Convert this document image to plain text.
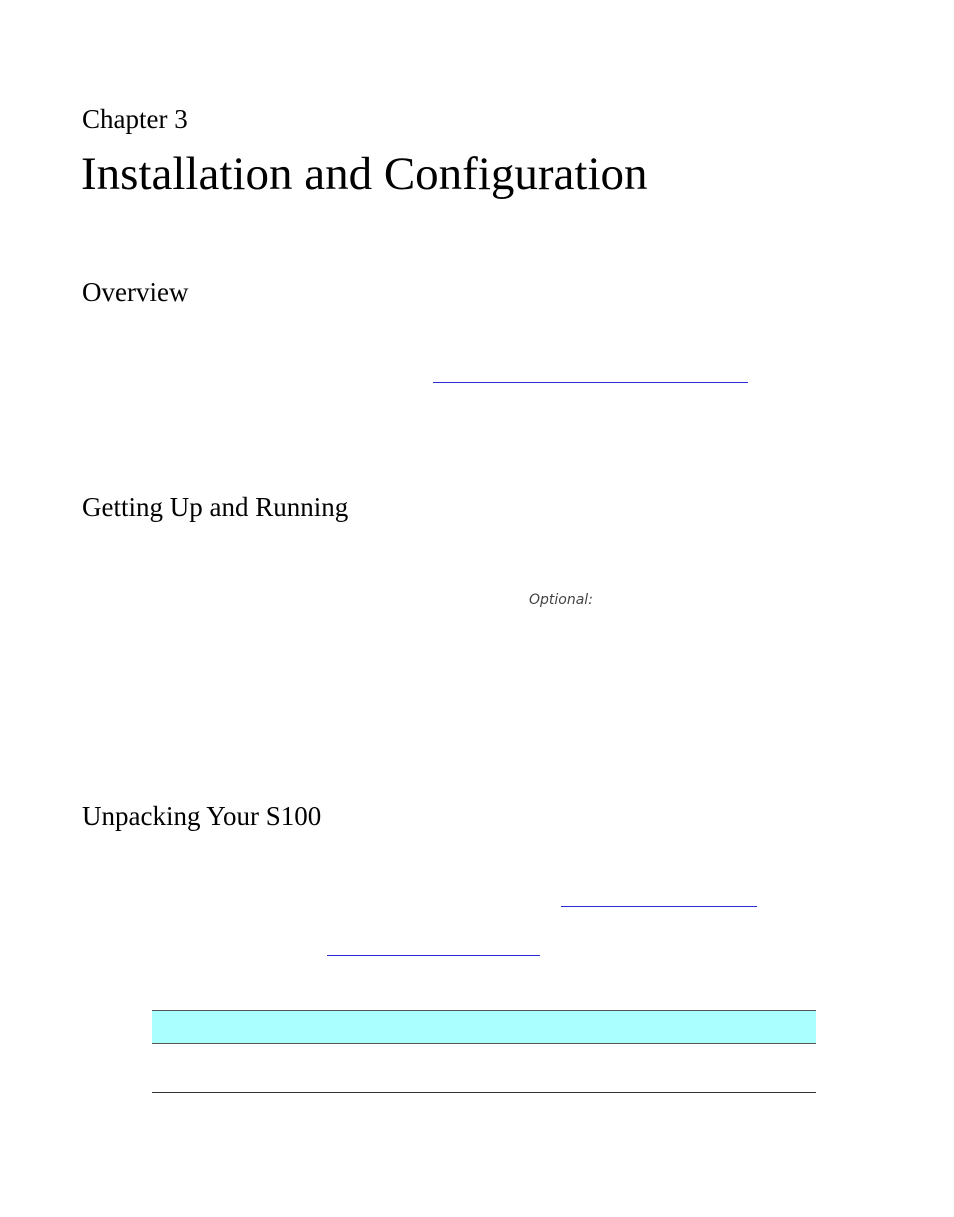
Chapter 3
Installation and Configuration
Overview
Getting Up and Running
Optional:
Unpacking Your S100
